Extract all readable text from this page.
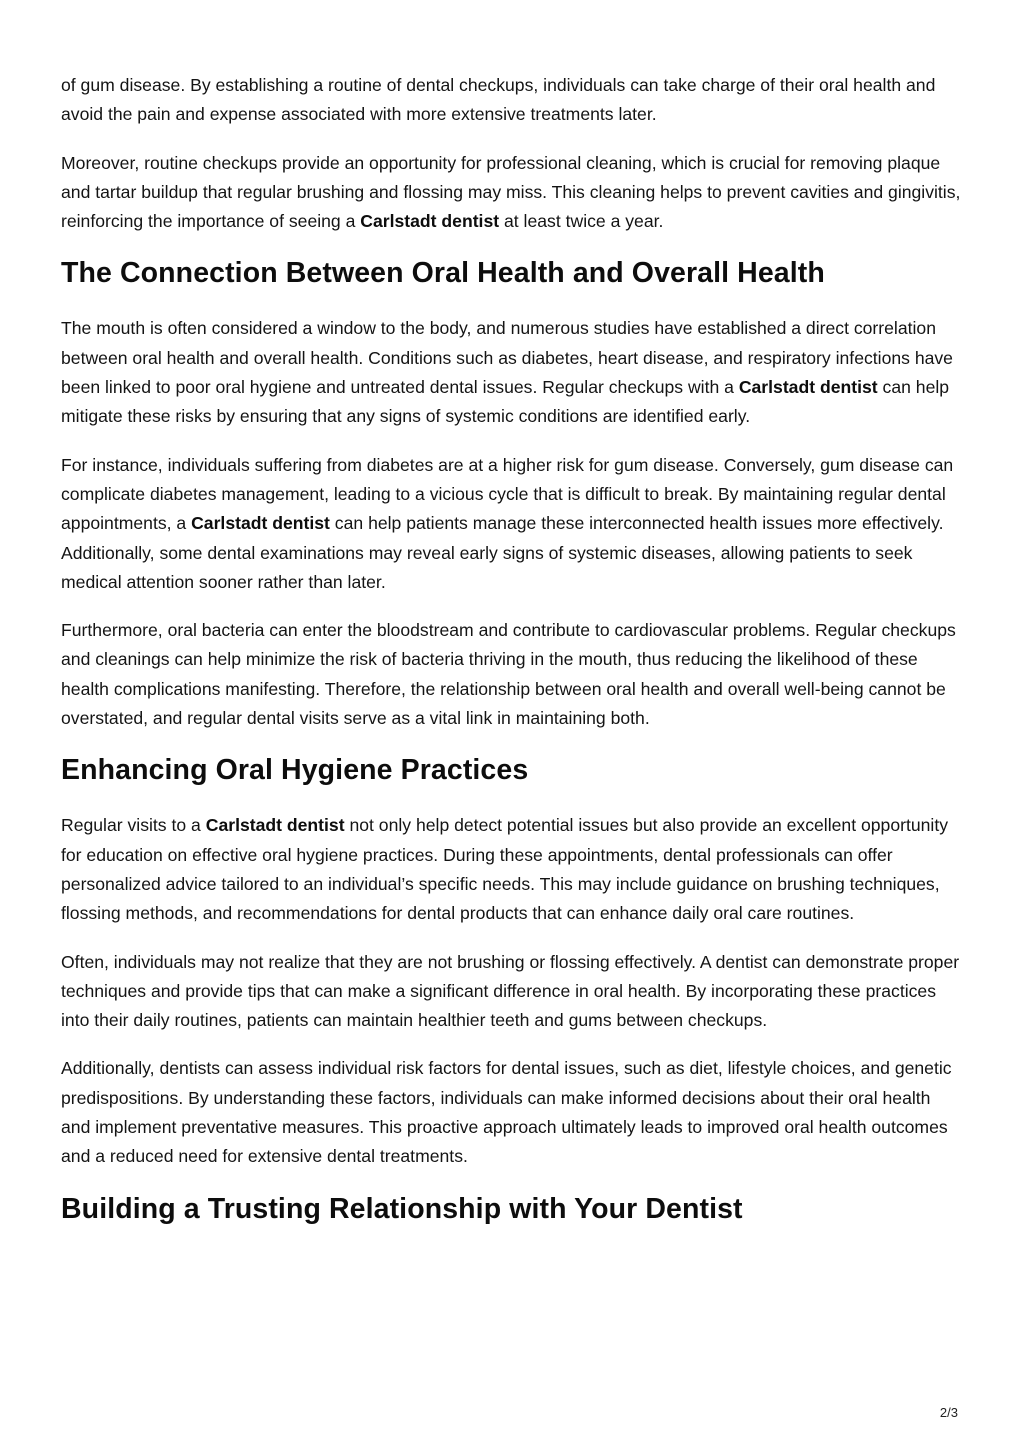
of gum disease. By establishing a routine of dental checkups, individuals can take charge of their oral health and avoid the pain and expense associated with more extensive treatments later.

Moreover, routine checkups provide an opportunity for professional cleaning, which is crucial for removing plaque and tartar buildup that regular brushing and flossing may miss. This cleaning helps to prevent cavities and gingivitis, reinforcing the importance of seeing a Carlstadt dentist at least twice a year.

The Connection Between Oral Health and Overall Health

The mouth is often considered a window to the body, and numerous studies have established a direct correlation between oral health and overall health. Conditions such as diabetes, heart disease, and respiratory infections have been linked to poor oral hygiene and untreated dental issues. Regular checkups with a Carlstadt dentist can help mitigate these risks by ensuring that any signs of systemic conditions are identified early.

For instance, individuals suffering from diabetes are at a higher risk for gum disease. Conversely, gum disease can complicate diabetes management, leading to a vicious cycle that is difficult to break. By maintaining regular dental appointments, a Carlstadt dentist can help patients manage these interconnected health issues more effectively. Additionally, some dental examinations may reveal early signs of systemic diseases, allowing patients to seek medical attention sooner rather than later.

Furthermore, oral bacteria can enter the bloodstream and contribute to cardiovascular problems. Regular checkups and cleanings can help minimize the risk of bacteria thriving in the mouth, thus reducing the likelihood of these health complications manifesting. Therefore, the relationship between oral health and overall well-being cannot be overstated, and regular dental visits serve as a vital link in maintaining both.

Enhancing Oral Hygiene Practices

Regular visits to a Carlstadt dentist not only help detect potential issues but also provide an excellent opportunity for education on effective oral hygiene practices. During these appointments, dental professionals can offer personalized advice tailored to an individual’s specific needs. This may include guidance on brushing techniques, flossing methods, and recommendations for dental products that can enhance daily oral care routines.

Often, individuals may not realize that they are not brushing or flossing effectively. A dentist can demonstrate proper techniques and provide tips that can make a significant difference in oral health. By incorporating these practices into their daily routines, patients can maintain healthier teeth and gums between checkups.

Additionally, dentists can assess individual risk factors for dental issues, such as diet, lifestyle choices, and genetic predispositions. By understanding these factors, individuals can make informed decisions about their oral health and implement preventative measures. This proactive approach ultimately leads to improved oral health outcomes and a reduced need for extensive dental treatments.

Building a Trusting Relationship with Your Dentist
2/3
